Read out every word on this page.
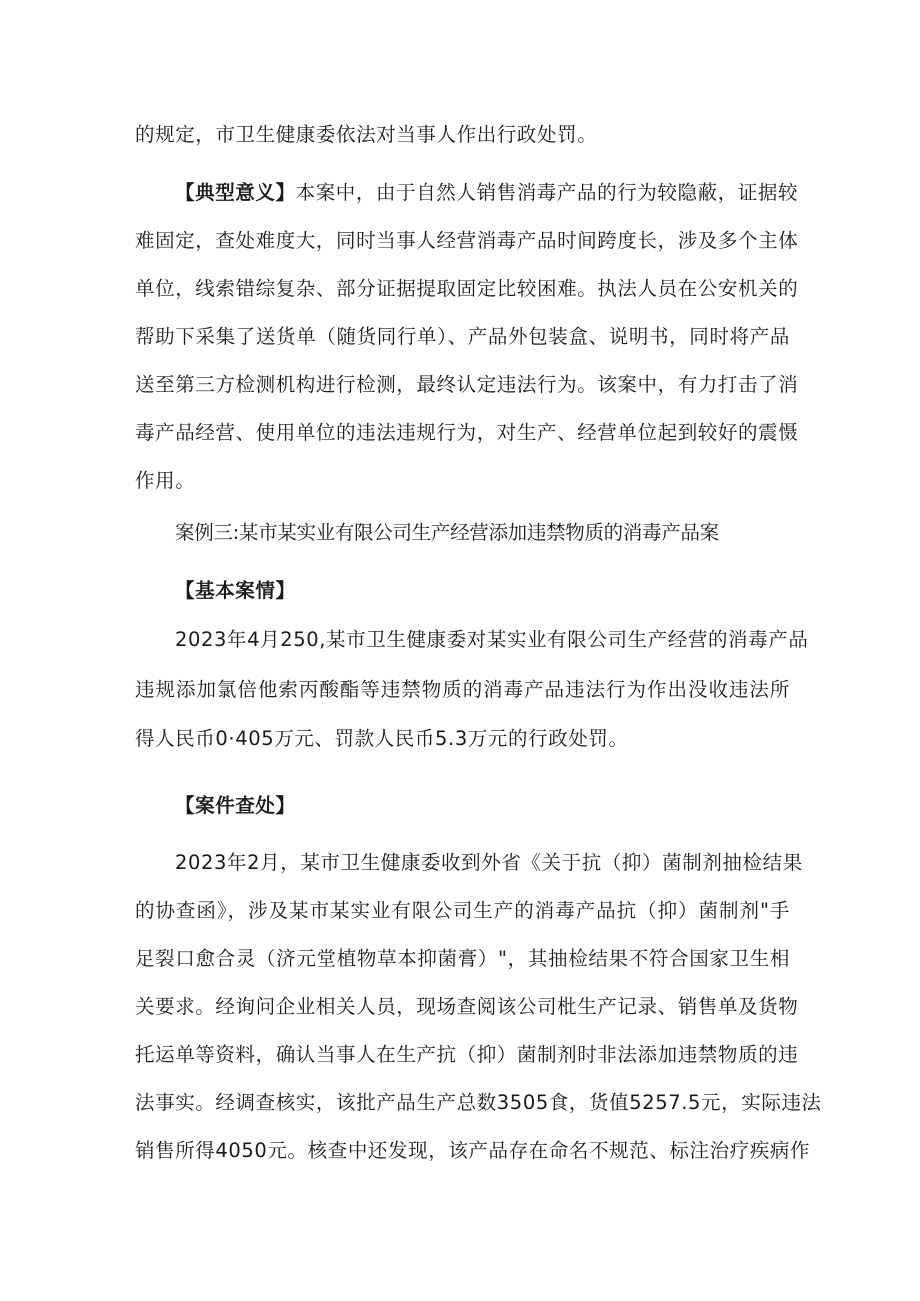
的规定，市卫生健康委依法对当事人作出行政处罚。
【典型意义】本案中，由于自然人销售消毒产品的行为较隐蔽，证据较
难固定，查处难度大，同时当事人经营消毒产品时间跨度长，涉及多个主体
单位，线索错综复杂、部分证据提取固定比较困难。执法人员在公安机关的
帮助下采集了送货单（随货同行单）、产品外包装盒、说明书，同时将产品
送至第三方检测机构进行检测，最终认定违法行为。该案中，有力打击了消
毒产品经营、使用单位的违法违规行为，对生产、经营单位起到较好的震慑
作用。
案例三:某市某实业有限公司生产经营添加违禁物质的消毒产品案
【基本案情】
2023年4月250,某市卫生健康委对某实业有限公司生产经营的消毒产品
违规添加氯倍他索丙酸酯等违禁物质的消毒产品违法行为作出没收违法所
得人民币0·405万元、罚款人民币5.3万元的行政处罚。
【案件查处】
2023年2月，某市卫生健康委收到外省《关于抗（抑）菌制剂抽检结果
的协查函》，涉及某市某实业有限公司生产的消毒产品抗（抑）菌制剂"手
足裂口愈合灵（济元堂植物草本抑菌膏）"，其抽检结果不符合国家卫生相
关要求。经询问企业相关人员，现场查阅该公司枇生产记录、销售单及货物
托运单等资料，确认当事人在生产抗（抑）菌制剂时非法添加违禁物质的违
法事实。经调查核实，该批产品生产总数3505食，货值5257.5元，实际违法
销售所得4050元。核查中还发现，该产品存在命名不规范、标注治疗疾病作
